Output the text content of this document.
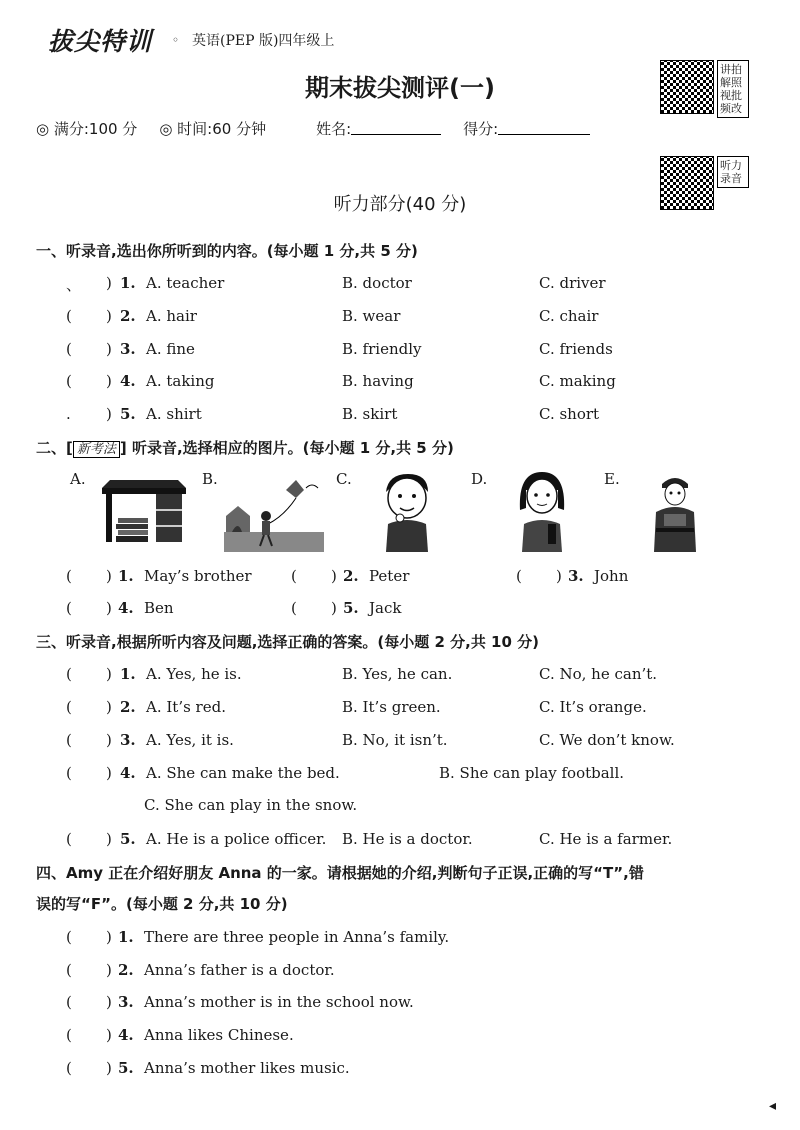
拔尖特训 ◦ 英语(PEP 版)四年级上
期末拔尖测评(一)
讲拍解照视批频改
听力录音
◎ 满分:100 分 ◎ 时间:60 分钟	姓名:	得分:
听力部分(40 分)
一、听录音,选出你所听到的内容。(每小题 1 分,共 5 分)
、	1. A. teacher	B. doctor	C. driver
)
(	2. A. hair	B. wear	C. chair
)
(	3. A. fine	B. friendly	C. friends
)
(	4. A. taking	B. having	C. making
)
.	5. A. shirt	B. skirt	C. short
)
二、[ 新考法 ] 听录音,选择相应的图片。(每小题 1 分,共 5 分)
A.	B.	C.	D.	E.
(	1. May’s brother
)	(	2. Peter
)	(	3. John
)
(	4. Ben
)	(	5. Jack
)
三、听录音,根据所听内容及问题,选择正确的答案。(每小题 2 分,共 10 分)
(	1. A. Yes, he is.	B. Yes, he can.	C. No, he can’t.
)
(	2. A. It’s red.	B. It’s green.	C. It’s orange.
)
(	3. A. Yes, it is.	B. No, it isn’t.	C. We don’t know.
)
(	4. A. She can make the bed.	B. She can play football.
)
C. She can play in the snow.
(	5. A. He is a police officer. B. He is a doctor.	C. He is a farmer.
)
四、Amy 正在介绍好朋友 Anna 的一家。请根据她的介绍,判断句子正误,正确的写“T”,错
误的写“F”。(每小题 2 分,共 10 分)
(	1. There are three people in Anna’s family.
)
(	2. Anna’s father is a doctor.
)
(	3. Anna’s mother is in the school now.
)
(	4. Anna likes Chinese.
)
(	5. Anna’s mother likes music.
)
◂
